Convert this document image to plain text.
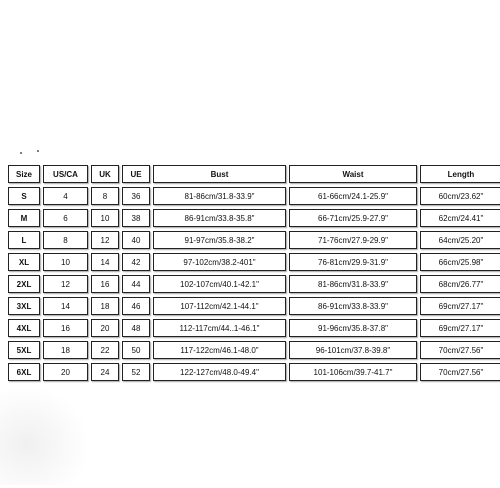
Size	US/CA	UK	UE	Bust	Waist	Length
S	4	8	36	81-86cm/31.8-33.9"	61-66cm/24.1-25.9"	60cm/23.62"
M	6	10	38	86-91cm/33.8-35.8"	66-71cm/25.9-27.9"	62cm/24.41"
L	8	12	40	91-97cm/35.8-38.2"	71-76cm/27.9-29.9"	64cm/25.20"
XL	10	14	42	97-102cm/38.2-401"	76-81cm/29.9-31.9"	66cm/25.98"
2XL	12	16	44	102-107cm/40.1-42.1"	81-86cm/31.8-33.9"	68cm/26.77"
3XL	14	18	46	107-112cm/42.1-44.1"	86-91cm/33.8-33.9"	69cm/27.17"
4XL	16	20	48	112-117cm/44..1-46.1"	91-96cm/35.8-37.8"	69cm/27.17"
5XL	18	22	50	117-122cm/46.1-48.0"	96-101cm/37.8-39.8"	70cm/27.56"
6XL	20	24	52	122-127cm/48.0-49.4"	101-106cm/39.7-41.7"	70cm/27.56"
